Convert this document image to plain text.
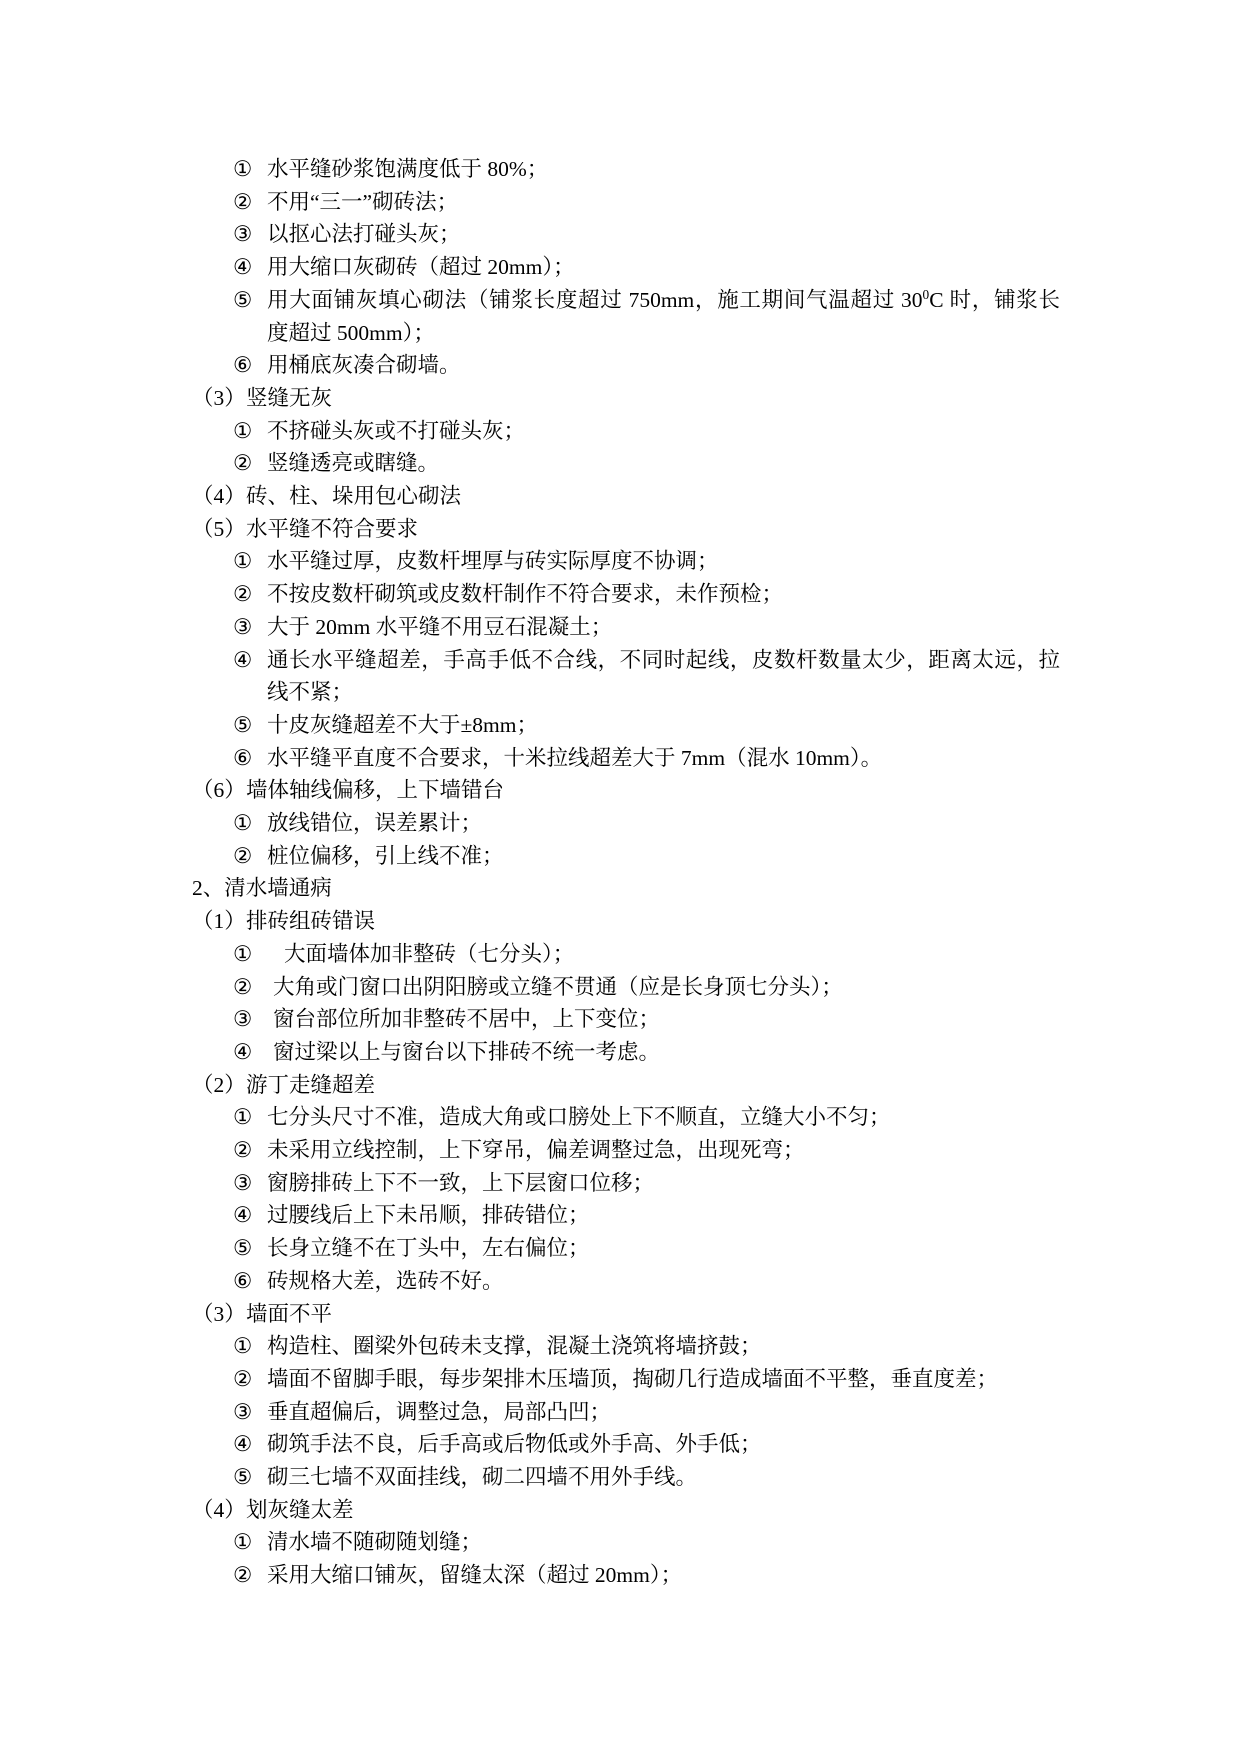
① 水平缝砂浆饱满度低于 80%；
② 不用“三一”砌砖法；
③ 以抠心法打碰头灰；
④ 用大缩口灰砌砖（超过 20mm）；
⑤ 用大面铺灰填心砌法（铺浆长度超过 750mm，施工期间气温超过 $30^0C$ 时，铺浆长
度超过 500mm）；
⑥ 用桶底灰凑合砌墙。
（3） 竖缝无灰
① 不挤碰头灰或不打碰头灰；
② 竖缝透亮或瞎缝。
（4） 砖、柱、垛用包心砌法
（5） 水平缝不符合要求
① 水平缝过厚，皮数杆埋厚与砖实际厚度不协调；
② 不按皮数杆砌筑或皮数杆制作不符合要求，未作预检；
③ 大于 20mm 水平缝不用豆石混凝土；
④ 通长水平缝超差，手高手低不合线，不同时起线，皮数杆数量太少，距离太远，拉
线不紧；
⑤ 十皮灰缝超差不大于±8mm；
⑥ 水平缝平直度不合要求，十米拉线超差大于 7mm（混水 10mm）。
（6） 墙体轴线偏移，上下墙错台
① 放线错位，误差累计；
② 桩位偏移，引上线不准；
2、清水墙通病
（1） 排砖组砖错误
① 大面墙体加非整砖（七分头）；
② 大角或门窗口出阴阳膀或立缝不贯通（应是长身顶七分头）；
③ 窗台部位所加非整砖不居中，上下变位；
④ 窗过梁以上与窗台以下排砖不统一考虑。
（2） 游丁走缝超差
① 七分头尺寸不准，造成大角或口膀处上下不顺直，立缝大小不匀；
② 未采用立线控制，上下穿吊，偏差调整过急，出现死弯；
③ 窗膀排砖上下不一致，上下层窗口位移；
④ 过腰线后上下未吊顺，排砖错位；
⑤ 长身立缝不在丁头中，左右偏位；
⑥ 砖规格大差，选砖不好。
（3） 墙面不平
① 构造柱、圈梁外包砖未支撑，混凝土浇筑将墙挤鼓；
② 墙面不留脚手眼，每步架排木压墙顶，掏砌几行造成墙面不平整，垂直度差；
③ 垂直超偏后，调整过急，局部凸凹；
④ 砌筑手法不良，后手高或后物低或外手高、外手低；
⑤ 砌三七墙不双面挂线，砌二四墙不用外手线。
（4） 划灰缝太差
① 清水墙不随砌随划缝；
② 采用大缩口铺灰，留缝太深（超过 20mm）；
